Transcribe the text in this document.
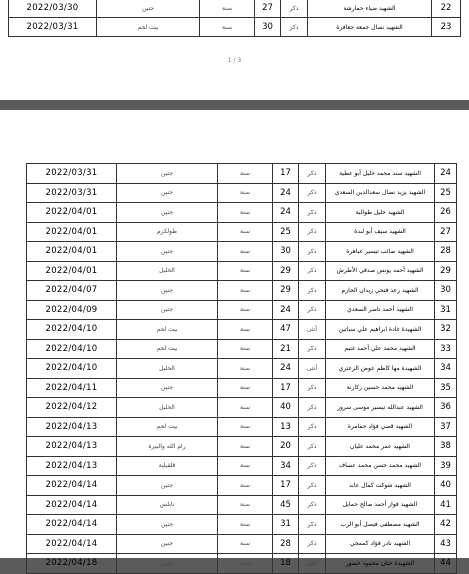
2022/03/30	جنين	سنة	27	ذكر	الشهيد ضياء حمارشة	22
2022/03/31	بيت لحم	سنة	30	ذكر	الشهيد نضال جمعة جعافرة	23
1 / 3
2022/03/31	جنين	سنة	17	ذكر	الشهيد سند محمد خليل أبو عطية	24
2022/03/31	جنين	سنة	24	ذكر	الشهيد يزيد نضال سعدالدين السعدي	25
2022/04/01	جنين	سنة	24	ذكر	الشهيد خليل طوالبة	26
2022/04/01	طولكرم	سنة	25	ذكر	الشهيد سيف أبو لبدة	27
2022/04/01	جنين	سنة	30	ذكر	الشهيد صائب تيسير عباهرة	28
2022/04/01	الخليل	سنة	29	ذكر	الشهيد أحمد يونس صدقي الأطرش	29
2022/04/07	جنين	سنة	29	ذكر	الشهيد رعد فتحي زيدان الحازم	30
2022/04/09	جنين	سنة	24	ذكر	الشهيد أحمد ناصر السعدي	31
2022/04/10	بيت لحم	سنة	47	أنثى	الشهيدة غادة ابراهيم علي سباتين	32
2022/04/10	بيت لحم	سنة	21	ذكر	الشهيد محمد علي أحمد غنيم	33
2022/04/10	الخليل	سنة	24	أنثى	الشهيدة مها كاظم عوض الزعتري	34
2022/04/11	جنين	سنة	17	ذكر	الشهيد محمد حسين زكارنة	35
2022/04/12	الخليل	سنة	40	ذكر	الشهيد عبدالله تيسير موسى سرور	36
2022/04/13	بيت لحم	سنة	13	ذكر	الشهيد قصي فؤاد حمامرة	37
2022/04/13	رام الله والبيرة	سنة	20	ذكر	الشهيد عمر محمد عليان	38
2022/04/13	قلقيلية	سنة	34	ذكر	الشهيد محمد حسن محمد عساف	39
2022/04/14	جنين	سنة	17	ذكر	الشهيد شوكت كمال عابد	40
2022/04/14	نابلس	سنة	45	ذكر	الشهيد فواز أحمد صالح حمايل	41
2022/04/14	جنين	سنة	31	ذكر	الشهيد مصطفى فيصل أبو الرب	42
2022/04/14	جنين	سنة	28	ذكر	الشهيد نادر فؤاد كممجي	43
2022/04/18	جنين	سنة	18	أنثى	الشهيدة حنان محمود خضور	44
